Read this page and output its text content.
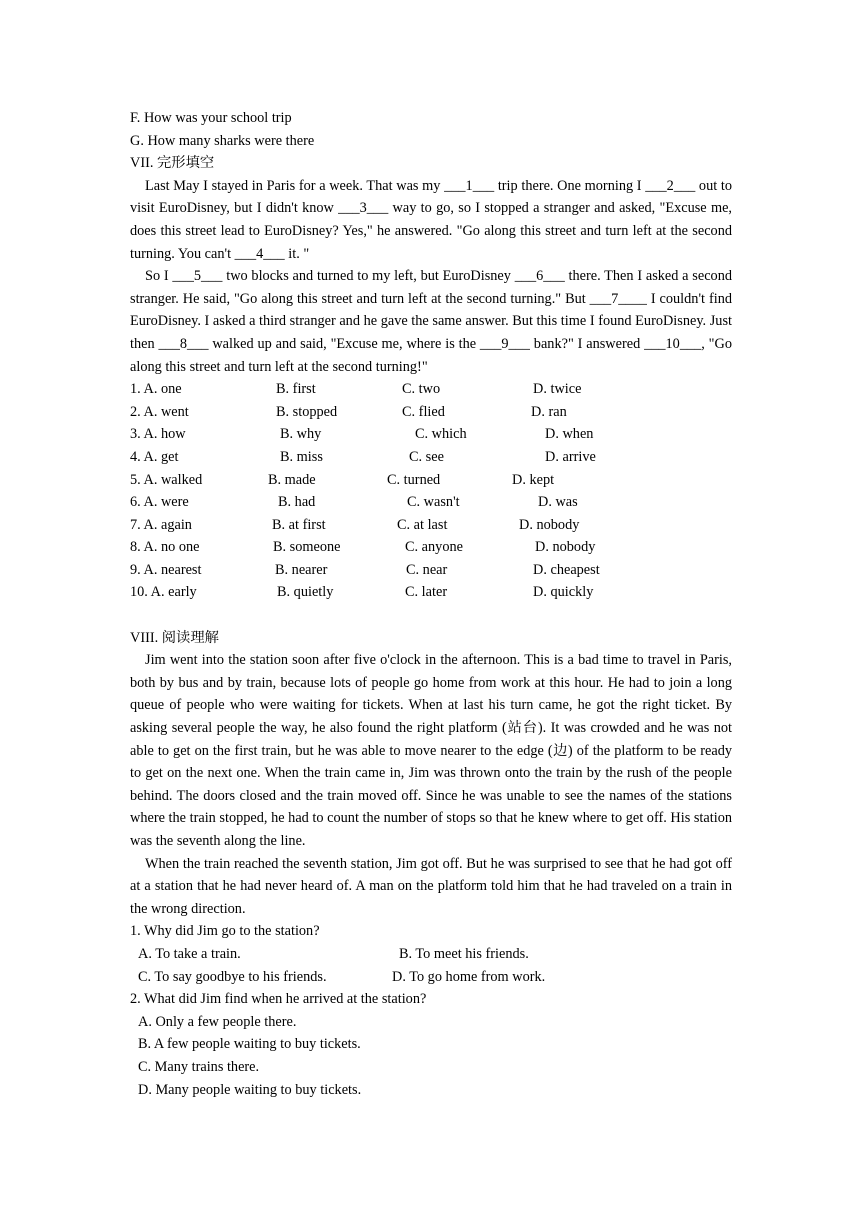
F. How was your school trip
G. How many sharks were there
VII. 完形填空

Last May I stayed in Paris for a week. That was my ___1___ trip there. One morning I ___2___ out to visit EuroDisney, but I didn't know ___3___ way to go, so I stopped a stranger and asked, "Excuse me, does this street lead to EuroDisney? Yes," he answered. "Go along this street and turn left at the second turning. You can't ___4___ it. "

So I ___5___ two blocks and turned to my left, but EuroDisney ___6___ there. Then I asked a second stranger. He said, "Go along this street and turn left at the second turning." But ___7____ I couldn't find EuroDisney. I asked a third stranger and he gave the same answer. But this time I found EuroDisney. Just then ___8___ walked up and said, "Excuse me, where is the ___9___ bank?" I answered ___10___, "Go along this street and turn left at the second turning!"

1. A. one	B. first	C. two	D. twice
2. A. went	B. stopped	C. flied	D. ran
3. A. how	B. why	C. which	D. when
4. A. get	B. miss	C. see	D. arrive
5. A. walked	B. made	C. turned	D. kept
6. A. were	B. had	C. wasn't	D. was
7. A. again	B. at first	C. at last	D. nobody
8. A. no one	B. someone	C. anyone	D. nobody
9. A. nearest	B. nearer	C. near	D. cheapest
10. A. early	B. quietly	C. later	D. quickly
VIII. 阅读理解

Jim went into the station soon after five o'clock in the afternoon. This is a bad time to travel in Paris, both by bus and by train, because lots of people go home from work at this hour. He had to join a long queue of people who were waiting for tickets. When at last his turn came, he got the right ticket. By asking several people the way, he also found the right platform (站台). It was crowded and he was not able to get on the first train, but he was able to move nearer to the edge (边) of the platform to be ready to get on the next one. When the train came in, Jim was thrown onto the train by the rush of the people behind. The doors closed and the train moved off. Since he was unable to see the names of the stations where the train stopped, he had to count the number of stops so that he knew where to get off. His station was the seventh along the line.

When the train reached the seventh station, Jim got off. But he was surprised to see that he had got off at a station that he had never heard of. A man on the platform told him that he had traveled on a train in the wrong direction.

1. Why did Jim go to the station?
A. To take a train.	B. To meet his friends.
C. To say goodbye to his friends.	D. To go home from work.
2. What did Jim find when he arrived at the station?
A. Only a few people there.
B. A few people waiting to buy tickets.
C. Many trains there.
D. Many people waiting to buy tickets.
